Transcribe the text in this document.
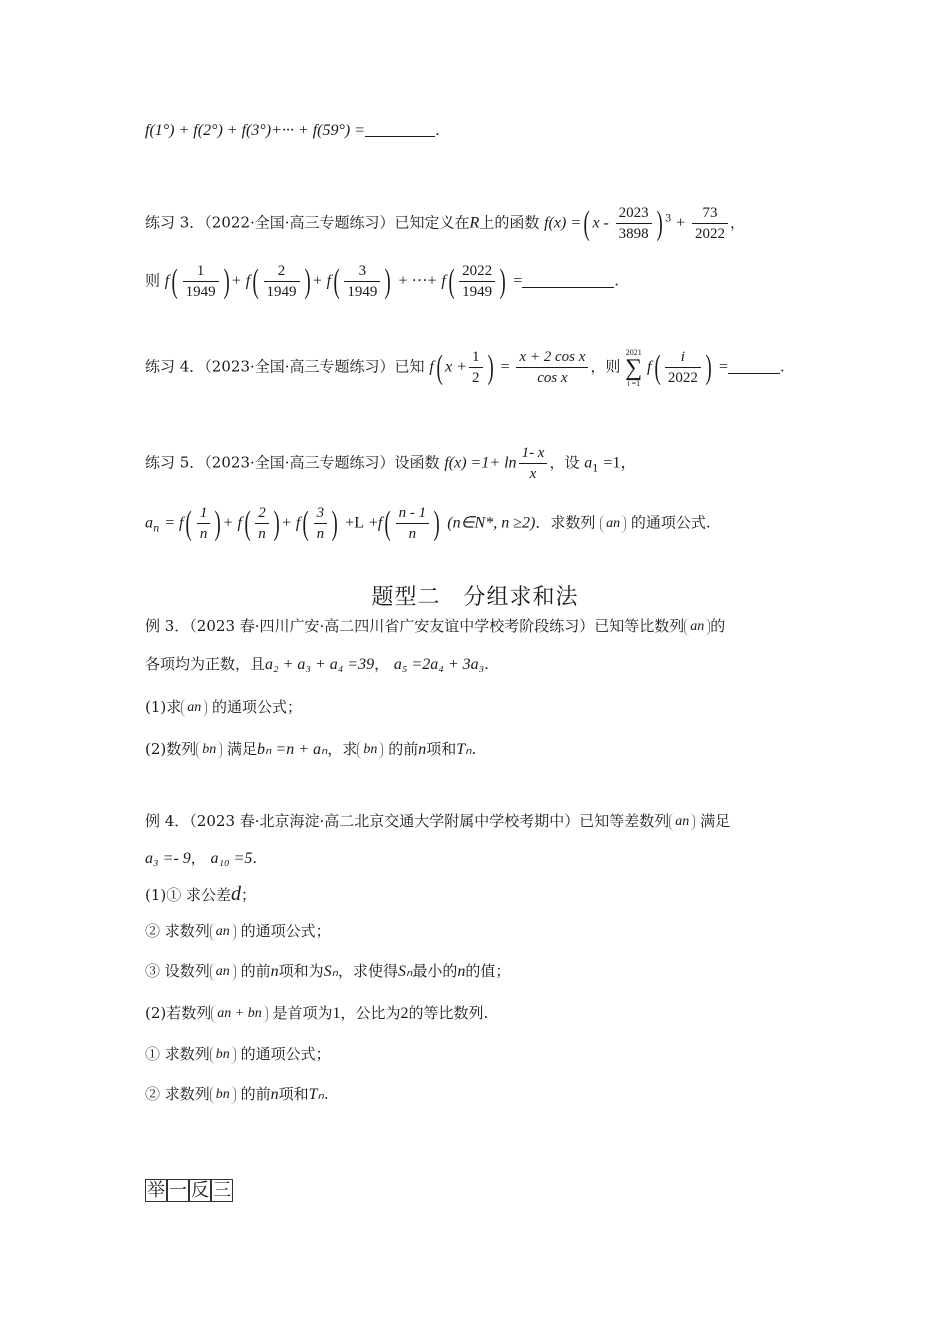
f(1°) + f(2°) + f(3°)+··· + f(59°) =	.
练习 3．（2022·全国·高三专题练习）已知定义在R上的函数 f(x) =( x - $\frac{2023}{3898}$ ) $^3 + \frac{73}{2022}$ ，
则 $f( \frac{1}{1949}$ ) + $f( \frac{2}{1949}$ ) + $f( \frac{3}{1949}$ ) + ···+ $f( \frac{2022}{1949}$ ) =	.
练习 4．（2023·全国·高三专题练习）已知 f( $x + \frac{1}{2}$ ) = $\frac{\text{x + 2 cos x}}{\text{cos x}}$ ，则
2021
∑
i =1
$f( \frac{i}{2022}$ ) =	.
练习 5．（2023·全国·高三专题练习）设函数 $f(x) =1+ \ln \frac{1- x}{x}$ ，设 $a_1 =1$，
$a_n = f( \frac{1}{n}$ ) + $f( \frac{2}{n}$ ) + $f( \frac{3}{n}$ ) $+L +f( \frac{n - 1}{n}$ ) (n∈N*, n ≥2)．求数列 an 的通项公式.
题型二　分组求和法
例 3．（2023 春·四川广安·高二四川省广安友谊中学校考阶段练习）已知等比数列 an 的
各项均为正数，且a₂ + a₃ + a₄ =39， a₅ =2a₄ + 3a₃.
(1)求 an 的通项公式；
(2)数列 bn 满足bₙ =n + aₙ，求 bn 的前n项和Tₙ.
例 4．（2023 春·北京海淀·高二北京交通大学附属中学校考期中）已知等差数列 an 满足
a₃ =- 9， a₁₀ =5.
(1)① 求公差d；
② 求数列 an 的通项公式；
③ 设数列 an 的前n项和为Sₙ，求使得Sₙ最小的n的值；
(2)若数列 an + bn 是首项为1，公比为2的等比数列.
① 求数列 bn 的通项公式；
② 求数列 bn 的前n项和Tₙ.
举 一 反 三
